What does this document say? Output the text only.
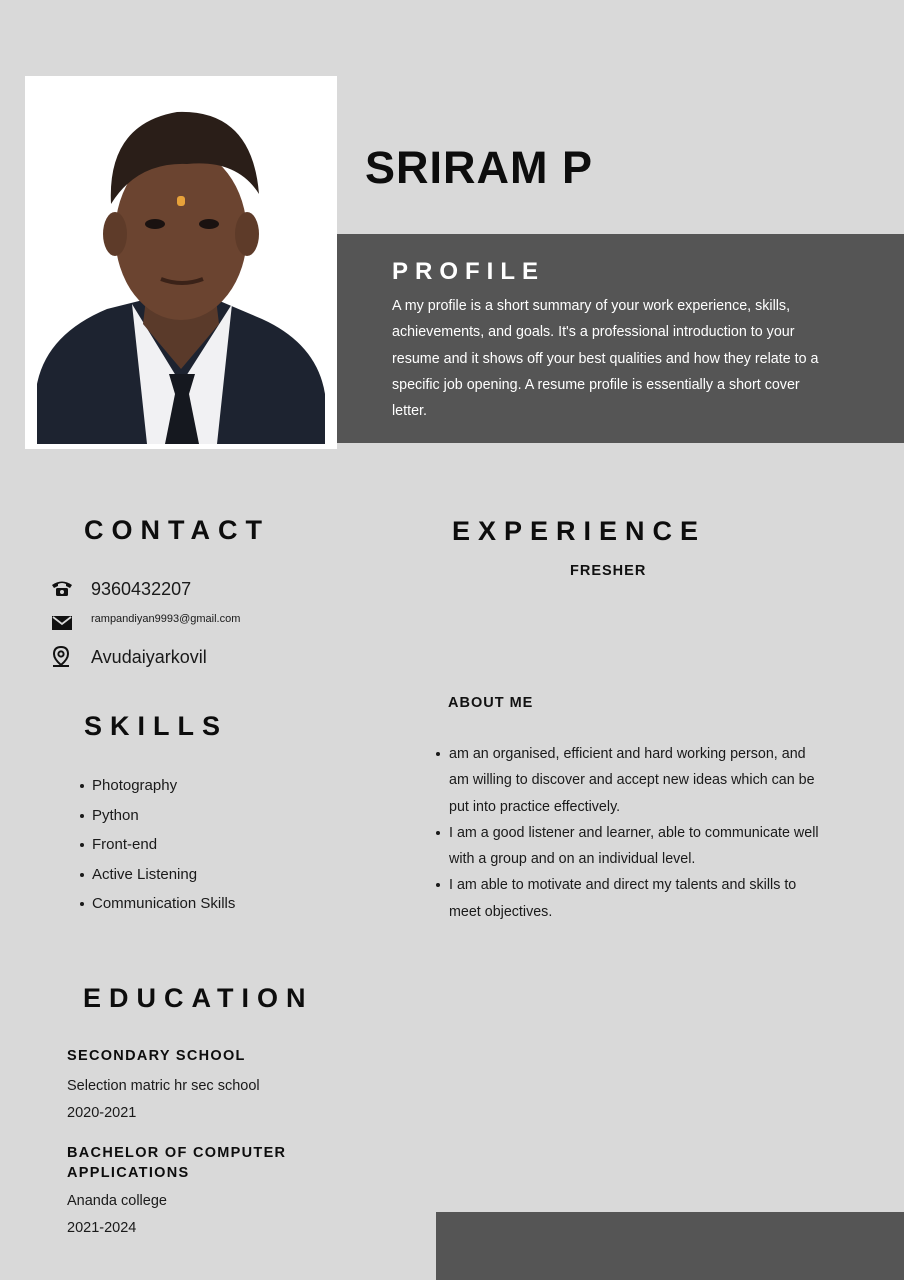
SRIRAM P
PROFILE
A my profile is a short summary of your work experience, skills, achievements, and goals. It's a professional introduction to your resume and it shows off your best qualities and how they relate to a specific job opening. A resume profile is essentially a short cover letter.
CONTACT
9360432207
rampandiyan9993@gmail.com
Avudaiyarkovil
SKILLS
Photography
Python
Front-end
Active Listening
Communication Skills
EXPERIENCE
FRESHER
ABOUT ME
am an organised, efficient and hard working person, and am willing to discover and accept new ideas which can be put into practice effectively.
I am a good listener and learner, able to communicate well with a group and on an individual level.
I am able to motivate and direct my talents and skills to meet objectives.
EDUCATION
SECONDARY SCHOOL
Selection matric hr sec school
2020-2021
BACHELOR OF COMPUTER APPLICATIONS
Ananda college
2021-2024
